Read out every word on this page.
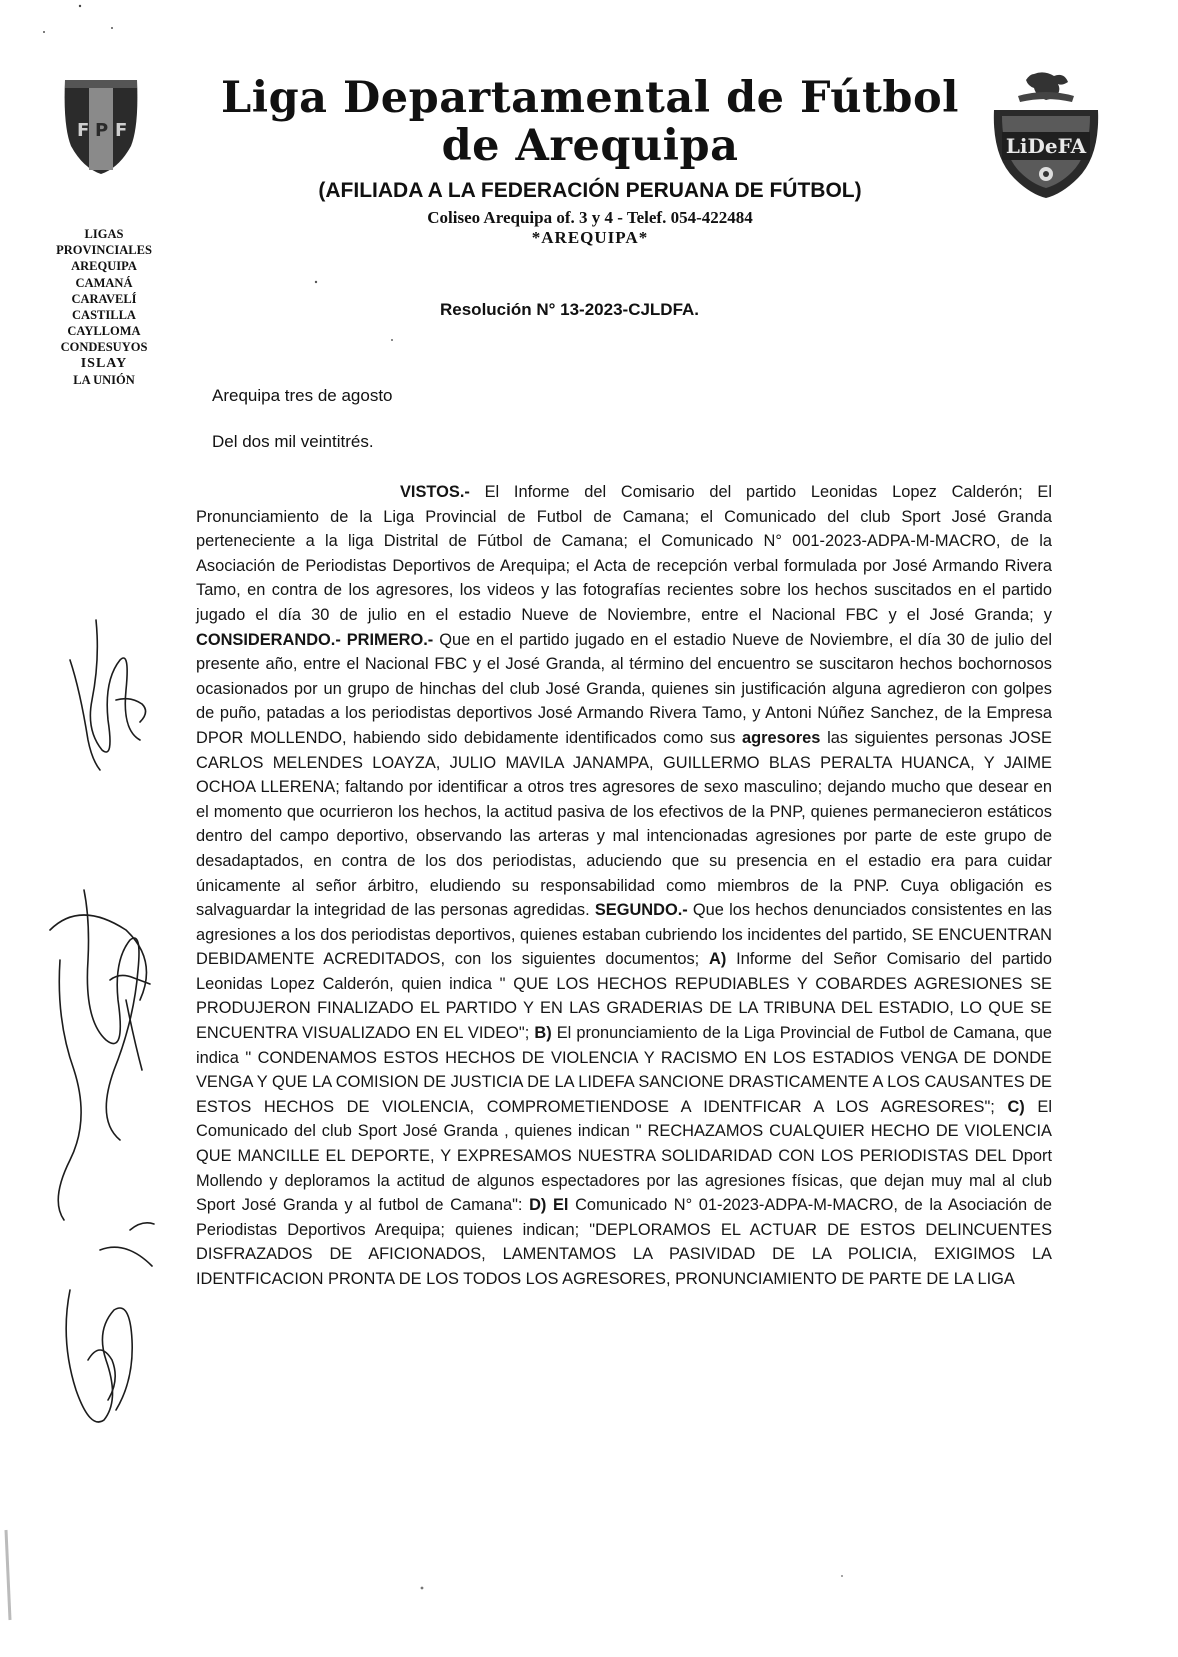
F P F
LiDeFA
Liga Departamental de Fútbol de Arequipa
(AFILIADA A LA FEDERACIÓN PERUANA DE FÚTBOL)
Coliseo Arequipa of. 3 y 4 - Telef. 054-422484
*AREQUIPA*
LIGAS
PROVINCIALES
AREQUIPA
CAMANÁ
CARAVELÍ
CASTILLA
CAYLLOMA
CONDESUYOS
ISLAY
LA UNIÓN
Resolución N° 13-2023-CJLDFA.
Arequipa tres de agosto
Del dos mil veintitrés.
VISTOS.- El Informe del Comisario del partido Leonidas Lopez Calderón; El Pronunciamiento de la Liga Provincial de Futbol de Camana; el Comunicado del club Sport José Granda perteneciente a la liga Distrital de Fútbol de Camana; el Comunicado N° 001-2023-ADPA-M-MACRO, de la Asociación de Periodistas Deportivos de Arequipa; el Acta de recepción verbal formulada por José Armando Rivera Tamo, en contra de los agresores, los videos y las fotografías recientes sobre los hechos suscitados en el partido jugado el día 30 de julio en el estadio Nueve de Noviembre, entre el Nacional FBC y el José Granda; y CONSIDERANDO.- PRIMERO.- Que en el partido jugado en el estadio Nueve de Noviembre, el día 30 de julio del presente año, entre el Nacional FBC y el José Granda, al término del encuentro se suscitaron hechos bochornosos ocasionados por un grupo de hinchas del club José Granda, quienes sin justificación alguna agredieron con golpes de puño, patadas a los periodistas deportivos José Armando Rivera Tamo, y Antoni Núñez Sanchez, de la Empresa DPOR MOLLENDO, habiendo sido debidamente identificados como sus agresores las siguientes personas JOSE CARLOS MELENDES LOAYZA, JULIO MAVILA JANAMPA, GUILLERMO BLAS PERALTA HUANCA, Y JAIME OCHOA LLERENA; faltando por identificar a otros tres agresores de sexo masculino; dejando mucho que desear en el momento que ocurrieron los hechos, la actitud pasiva de los efectivos de la PNP, quienes permanecieron estáticos dentro del campo deportivo, observando las arteras y mal intencionadas agresiones por parte de este grupo de desadaptados, en contra de los dos periodistas, aduciendo que su presencia en el estadio era para cuidar únicamente al señor árbitro, eludiendo su responsabilidad como miembros de la PNP. Cuya obligación es salvaguardar la integridad de las personas agredidas. SEGUNDO.- Que los hechos denunciados consistentes en las agresiones a los dos periodistas deportivos, quienes estaban cubriendo los incidentes del partido, SE ENCUENTRAN DEBIDAMENTE ACREDITADOS, con los siguientes documentos; A) Informe del Señor Comisario del partido Leonidas Lopez Calderón, quien indica " QUE LOS HECHOS REPUDIABLES Y COBARDES AGRESIONES SE PRODUJERON FINALIZADO EL PARTIDO Y EN LAS GRADERIAS DE LA TRIBUNA DEL ESTADIO, LO QUE SE ENCUENTRA VISUALIZADO EN EL VIDEO"; B) El pronunciamiento de la Liga Provincial de Futbol de Camana, que indica " CONDENAMOS ESTOS HECHOS DE VIOLENCIA Y RACISMO EN LOS ESTADIOS VENGA DE DONDE VENGA Y QUE LA COMISION DE JUSTICIA DE LA LIDEFA SANCIONE DRASTICAMENTE A LOS CAUSANTES DE ESTOS HECHOS DE VIOLENCIA, COMPROMETIENDOSE A IDENTFICAR A LOS AGRESORES"; C) El Comunicado del club Sport José Granda , quienes indican " RECHAZAMOS CUALQUIER HECHO DE VIOLENCIA QUE MANCILLE EL DEPORTE, Y EXPRESAMOS NUESTRA SOLIDARIDAD CON LOS PERIODISTAS DEL Dport Mollendo y deploramos la actitud de algunos espectadores por las agresiones físicas, que dejan muy mal al club Sport José Granda y al futbol de Camana": D) El Comunicado N° 01-2023-ADPA-M-MACRO, de la Asociación de Periodistas Deportivos Arequipa; quienes indican; "DEPLORAMOS EL ACTUAR DE ESTOS DELINCUENTES DISFRAZADOS DE AFICIONADOS, LAMENTAMOS LA PASIVIDAD DE LA POLICIA, EXIGIMOS LA IDENTFICACION PRONTA DE LOS TODOS LOS AGRESORES, PRONUNCIAMIENTO DE PARTE DE LA LIGA
